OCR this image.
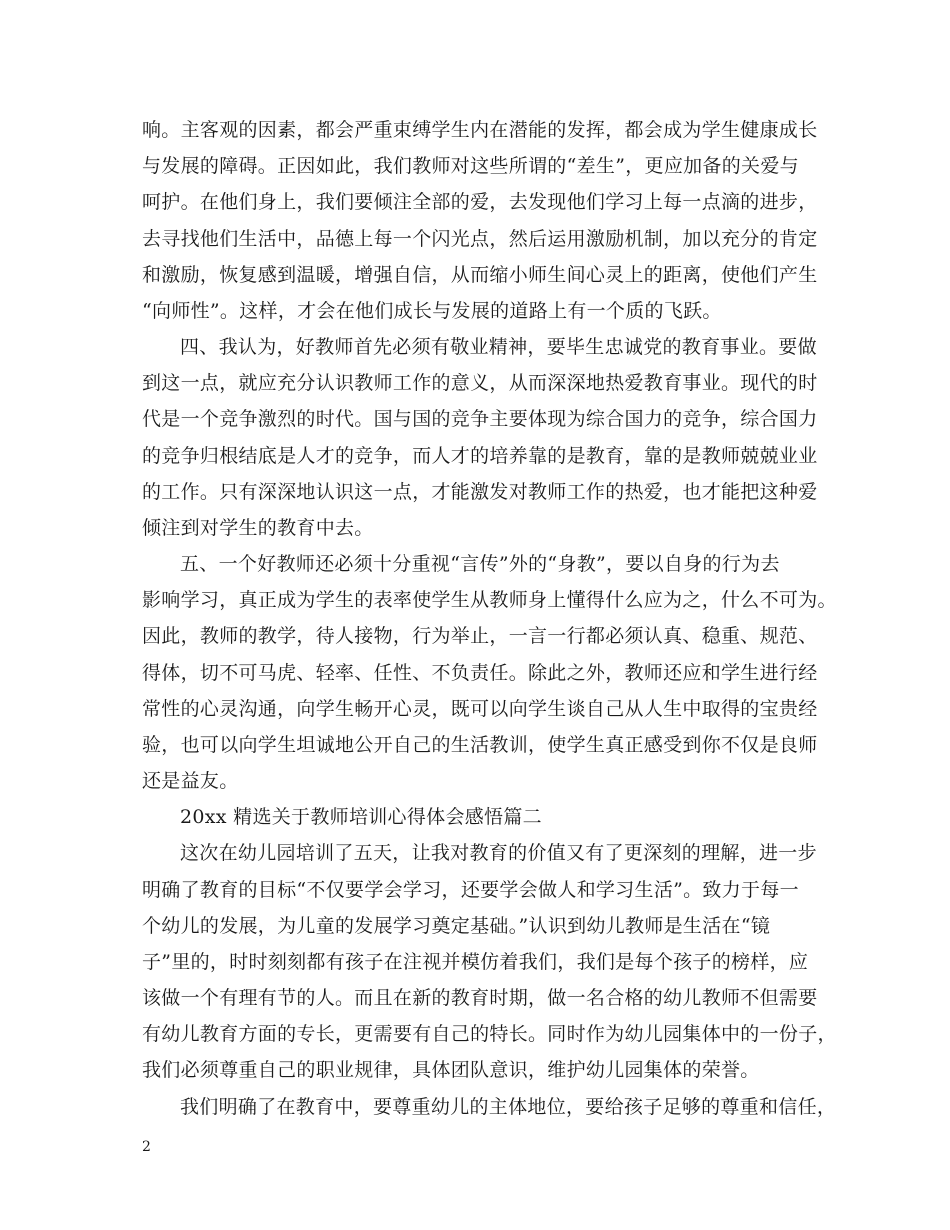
响。主客观的因素，都会严重束缚学生内在潜能的发挥，都会成为学生健康成长
与发展的障碍。正因如此，我们教师对这些所谓的“差生”，更应加备的关爱与
呵护。在他们身上，我们要倾注全部的爱，去发现他们学习上每一点滴的进步，
去寻找他们生活中，品德上每一个闪光点，然后运用激励机制，加以充分的肯定
和激励，恢复感到温暖，增强自信，从而缩小师生间心灵上的距离，使他们产生
“向师性”。这样，才会在他们成长与发展的道路上有一个质的飞跃。
四、我认为，好教师首先必须有敬业精神，要毕生忠诚党的教育事业。要做
到这一点，就应充分认识教师工作的意义，从而深深地热爱教育事业。现代的时
代是一个竞争激烈的时代。国与国的竞争主要体现为综合国力的竞争，综合国力
的竞争归根结底是人才的竞争，而人才的培养靠的是教育，靠的是教师兢兢业业
的工作。只有深深地认识这一点，才能激发对教师工作的热爱，也才能把这种爱
倾注到对学生的教育中去。
五、一个好教师还必须十分重视“言传”外的“身教”，要以自身的行为去
影响学习，真正成为学生的表率使学生从教师身上懂得什么应为之，什么不可为。
因此，教师的教学，待人接物，行为举止，一言一行都必须认真、稳重、规范、
得体，切不可马虎、轻率、任性、不负责任。除此之外，教师还应和学生进行经
常性的心灵沟通，向学生畅开心灵，既可以向学生谈自己从人生中取得的宝贵经
验，也可以向学生坦诚地公开自己的生活教训，使学生真正感受到你不仅是良师
还是益友。
20xx 精选关于教师培训心得体会感悟篇二
这次在幼儿园培训了五天，让我对教育的价值又有了更深刻的理解，进一步
明确了教育的目标“不仅要学会学习，还要学会做人和学习生活”。致力于每一
个幼儿的发展，为儿童的发展学习奠定基础。”认识到幼儿教师是生活在“镜
子”里的，时时刻刻都有孩子在注视并模仿着我们，我们是每个孩子的榜样，应
该做一个有理有节的人。而且在新的教育时期，做一名合格的幼儿教师不但需要
有幼儿教育方面的专长，更需要有自己的特长。同时作为幼儿园集体中的一份子，
我们必须尊重自己的职业规律，具体团队意识，维护幼儿园集体的荣誉。
我们明确了在教育中，要尊重幼儿的主体地位，要给孩子足够的尊重和信任，
2
